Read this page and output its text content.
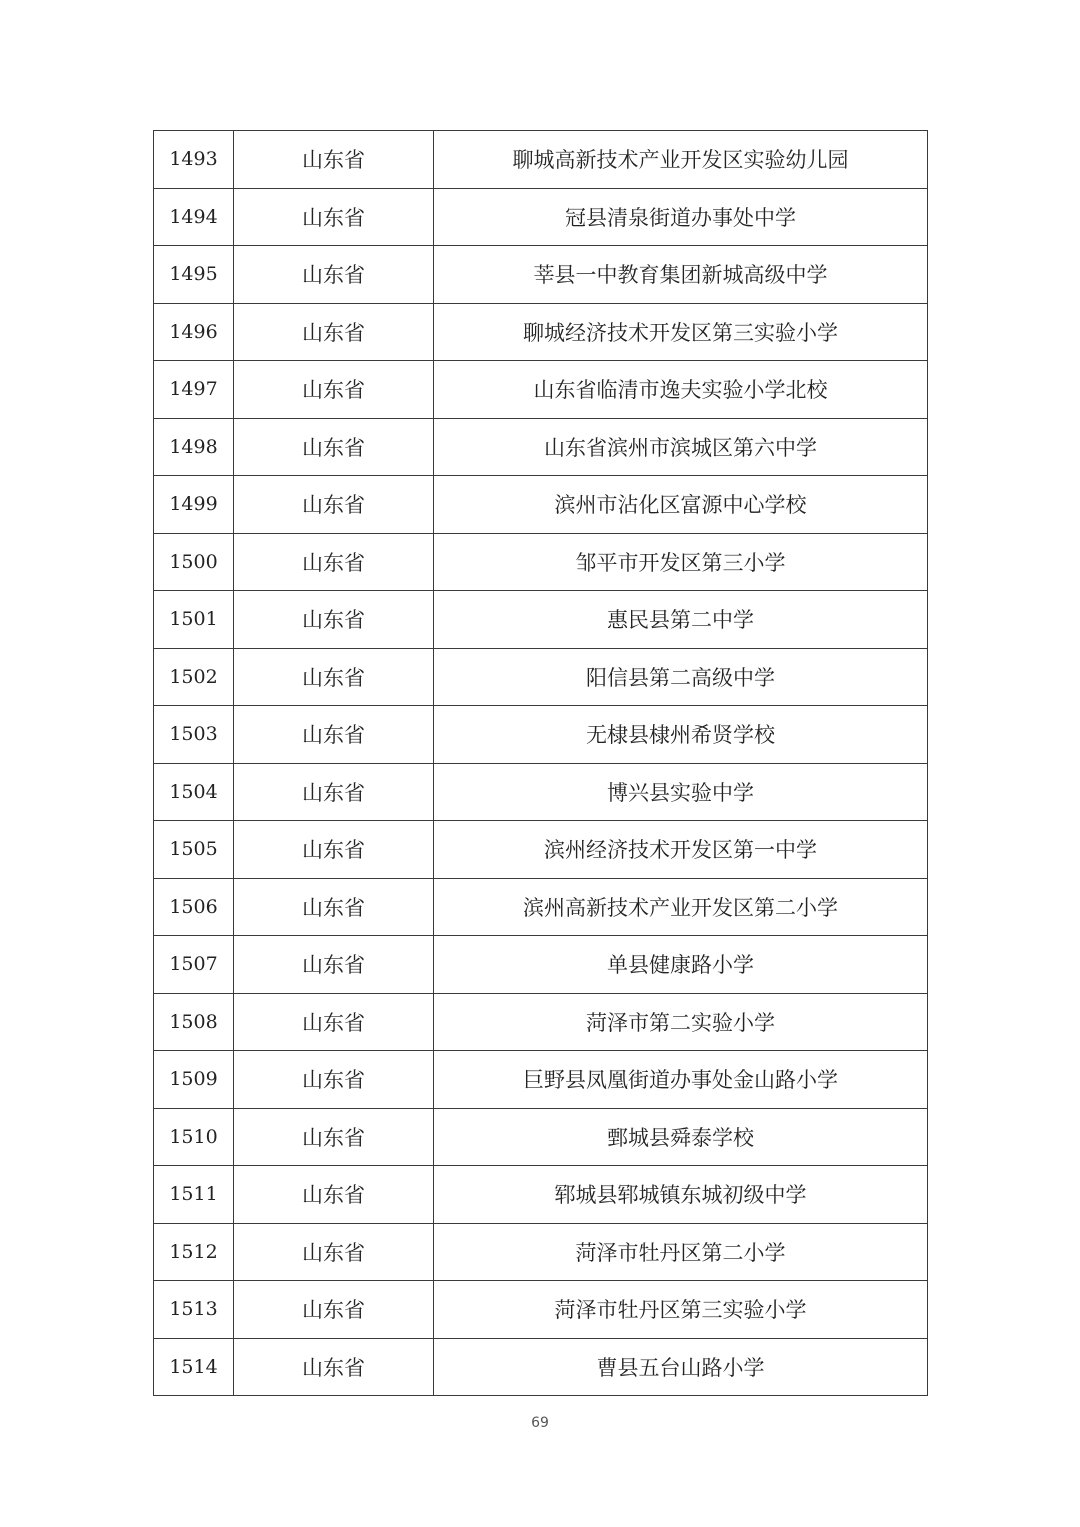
1493	山东省	聊城高新技术产业开发区实验幼儿园
1494	山东省	冠县清泉街道办事处中学
1495	山东省	莘县一中教育集团新城高级中学
1496	山东省	聊城经济技术开发区第三实验小学
1497	山东省	山东省临清市逸夫实验小学北校
1498	山东省	山东省滨州市滨城区第六中学
1499	山东省	滨州市沾化区富源中心学校
1500	山东省	邹平市开发区第三小学
1501	山东省	惠民县第二中学
1502	山东省	阳信县第二高级中学
1503	山东省	无棣县棣州希贤学校
1504	山东省	博兴县实验中学
1505	山东省	滨州经济技术开发区第一中学
1506	山东省	滨州高新技术产业开发区第二小学
1507	山东省	单县健康路小学
1508	山东省	菏泽市第二实验小学
1509	山东省	巨野县凤凰街道办事处金山路小学
1510	山东省	鄄城县舜泰学校
1511	山东省	郓城县郓城镇东城初级中学
1512	山东省	菏泽市牡丹区第二小学
1513	山东省	菏泽市牡丹区第三实验小学
1514	山东省	曹县五台山路小学
69
